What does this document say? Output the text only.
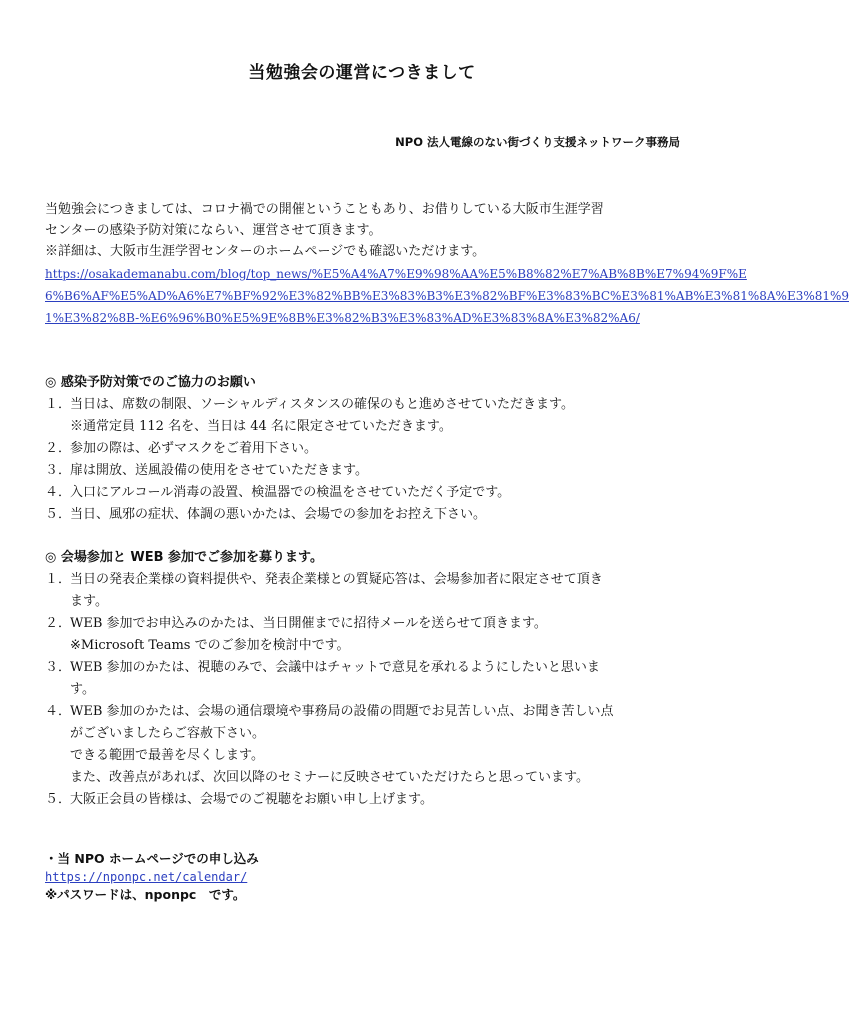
当勉強会の運営につきまして
NPO 法人電線のない街づくり支援ネットワーク事務局
当勉強会につきましては、コロナ禍での開催ということもあり、お借りしている大阪市生涯学習
センターの感染予防対策にならい、運営させて頂きます。
※詳細は、大阪市生涯学習センターのホームページでも確認いただけます。
https://osakademanabu.com/blog/top_news/%E5%A4%A7%E9%98%AA%E5%B8%82%E7%AB%8B%E7%94%9F%E
6%B6%AF%E5%AD%A6%E7%BF%92%E3%82%BB%E3%83%B3%E3%82%BF%E3%83%BC%E3%81%AB%E3%81%8A%E3%81%9
1%E3%82%8B-%E6%96%B0%E5%9E%8B%E3%82%B3%E3%83%AD%E3%83%8A%E3%82%A6/
◎ 感染予防対策でのご協力のお願い
１．当日は、席数の制限、ソーシャルディスタンスの確保のもと進めさせていただきます。
※通常定員 112 名を、当日は 44 名に限定させていただきます。
２．参加の際は、必ずマスクをご着用下さい。
３．扉は開放、送風設備の使用をさせていただきます。
４．入口にアルコール消毒の設置、検温器での検温をさせていただく予定です。
５．当日、風邪の症状、体調の悪いかたは、会場での参加をお控え下さい。
◎ 会場参加と WEB 参加でご参加を募ります。
１．当日の発表企業様の資料提供や、発表企業様との質疑応答は、会場参加者に限定させて頂き
ます。
２．WEB 参加でお申込みのかたは、当日開催までに招待メールを送らせて頂きます。
※Microsoft Teams でのご参加を検討中です。
３．WEB 参加のかたは、視聴のみで、会議中はチャットで意見を承れるようにしたいと思いま
す。
４．WEB 参加のかたは、会場の通信環境や事務局の設備の問題でお見苦しい点、お聞き苦しい点
がございましたらご容赦下さい。
できる範囲で最善を尽くします。
また、改善点があれば、次回以降のセミナーに反映させていただけたらと思っています。
５．大阪正会員の皆様は、会場でのご視聴をお願い申し上げます。
・当 NPO ホームページでの申し込み
https://nponpc.net/calendar/
※パスワードは、nponpc　です。
